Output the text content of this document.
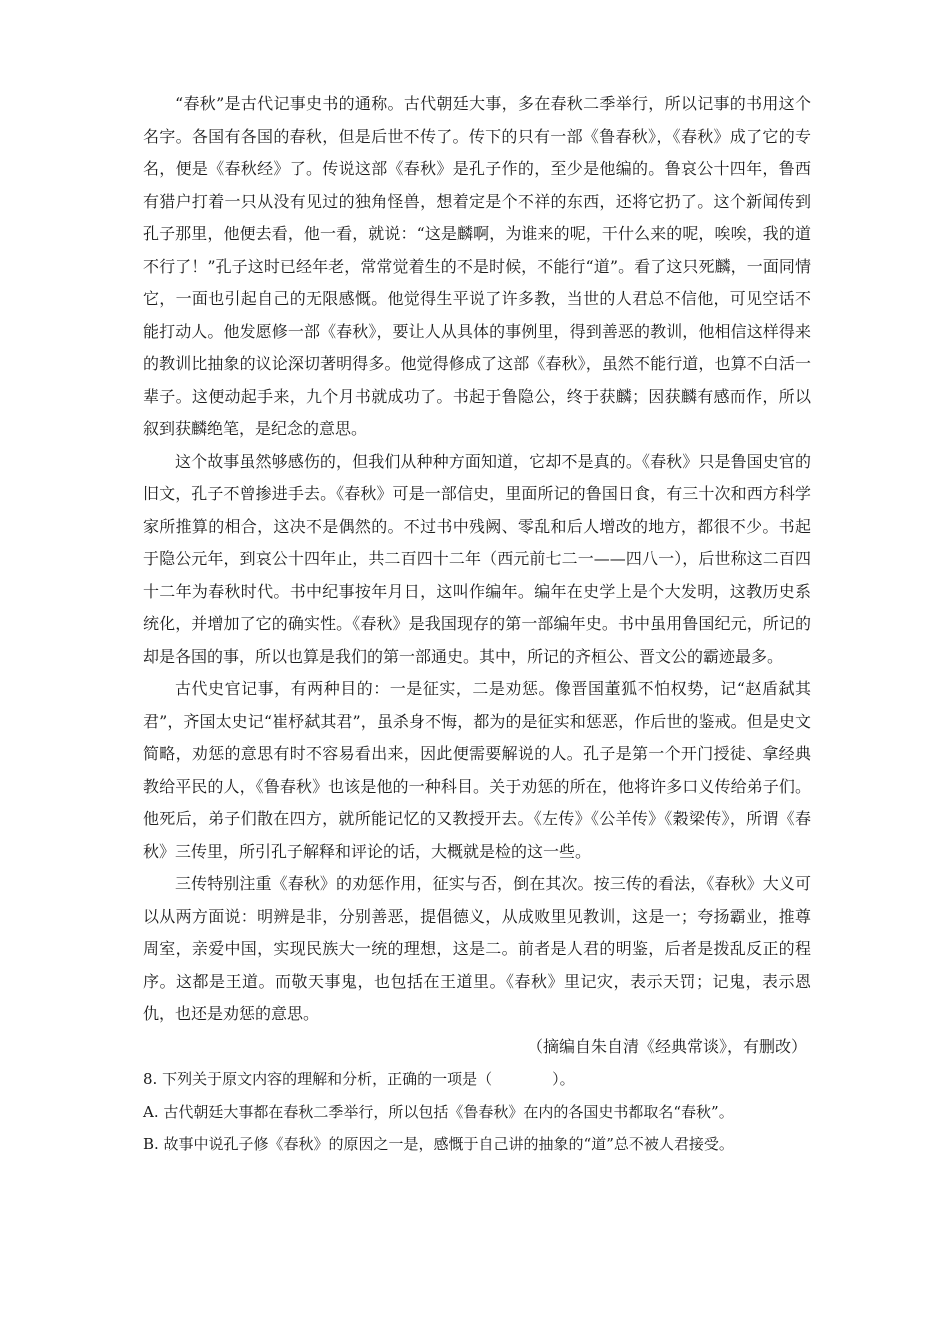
“春秋”是古代记事史书的通称。古代朝廷大事，多在春秋二季举行，所以记事的书用这个名字。各国有各国的春秋，但是后世不传了。传下的只有一部《鲁春秋》，《春秋》成了它的专名，便是《春秋经》了。传说这部《春秋》是孔子作的，至少是他编的。鲁哀公十四年，鲁西有猎户打着一只从没有见过的独角怪兽，想着定是个不祥的东西，还将它扔了。这个新闻传到孔子那里，他便去看，他一看，就说：“这是麟啊，为谁来的呢，干什么来的呢，唉唉，我的道不行了！”孔子这时已经年老，常常觉着生的不是时候，不能行“道”。看了这只死麟，一面同情它，一面也引起自己的无限感慨。他觉得生平说了许多教，当世的人君总不信他，可见空话不能打动人。他发愿修一部《春秋》，要让人从具体的事例里，得到善恶的教训，他相信这样得来的教训比抽象的议论深切著明得多。他觉得修成了这部《春秋》，虽然不能行道，也算不白活一辈子。这便动起手来，九个月书就成功了。书起于鲁隐公，终于获麟；因获麟有感而作，所以叙到获麟绝笔，是纪念的意思。

这个故事虽然够感伤的，但我们从种种方面知道，它却不是真的。《春秋》只是鲁国史官的旧文，孔子不曾掺进手去。《春秋》可是一部信史，里面所记的鲁国日食，有三十次和西方科学家所推算的相合，这决不是偶然的。不过书中残阙、零乱和后人增改的地方，都很不少。书起于隐公元年，到哀公十四年止，共二百四十二年（西元前七二一——四八一），后世称这二百四十二年为春秋时代。书中纪事按年月日，这叫作编年。编年在史学上是个大发明，这教历史系统化，并增加了它的确实性。《春秋》是我国现存的第一部编年史。书中虽用鲁国纪元，所记的却是各国的事，所以也算是我们的第一部通史。其中，所记的齐桓公、晋文公的霸迹最多。

古代史官记事，有两种目的：一是征实，二是劝惩。像晋国董狐不怕权势，记“赵盾弑其君”，齐国太史记“崔杼弑其君”，虽杀身不悔，都为的是征实和惩恶，作后世的鉴戒。但是史文简略，劝惩的意思有时不容易看出来，因此便需要解说的人。孔子是第一个开门授徒、拿经典教给平民的人，《鲁春秋》也该是他的一种科目。关于劝惩的所在，他将许多口义传给弟子们。他死后，弟子们散在四方，就所能记忆的又教授开去。《左传》《公羊传》《穀梁传》，所谓《春秋》三传里，所引孔子解释和评论的话，大概就是检的这一些。

三传特别注重《春秋》的劝惩作用，征实与否，倒在其次。按三传的看法，《春秋》大义可以从两方面说：明辨是非，分别善恶，提倡德义，从成败里见教训，这是一；夸扬霸业，推尊周室，亲爱中国，实现民族大一统的理想，这是二。前者是人君的明鉴，后者是拨乱反正的程序。这都是王道。而敬天事鬼，也包括在王道里。《春秋》里记灾，表示天罚；记鬼，表示恩仇，也还是劝惩的意思。

（摘编自朱自清《经典常谈》，有删改）

8. 下列关于原文内容的理解和分析，正确的一项是（　　　　）。

A. 古代朝廷大事都在春秋二季举行，所以包括《鲁春秋》在内的各国史书都取名“春秋”。

B. 故事中说孔子修《春秋》的原因之一是，感慨于自己讲的抽象的“道”总不被人君接受。
